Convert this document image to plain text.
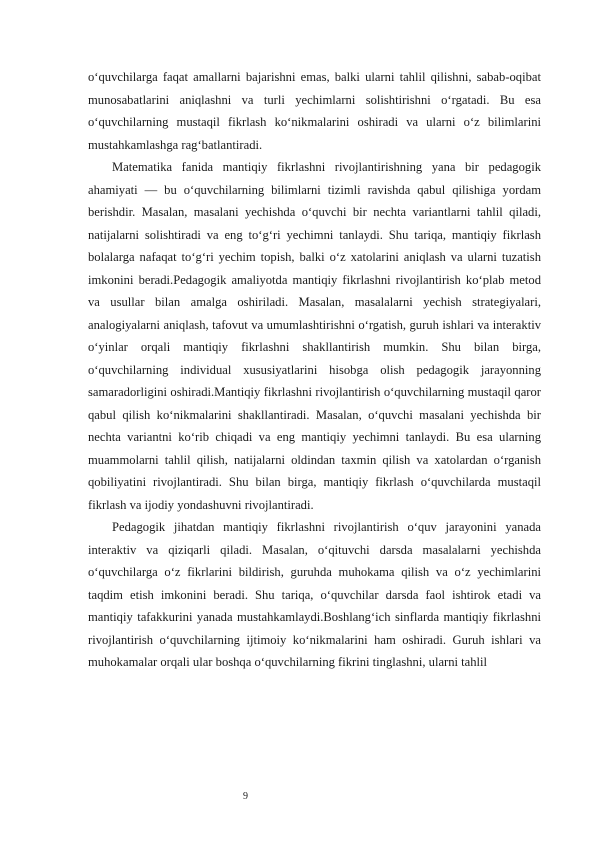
o‘quvchilarga faqat amallarni bajarishni emas, balki ularni tahlil qilishni, sabab-oqibat munosabatlarini aniqlashni va turli yechimlarni solishtirishni o‘rgatadi. Bu esa o‘quvchilarning mustaqil fikrlash ko‘nikmalarini oshiradi va ularni o‘z bilimlarini mustahkamlashga rag‘batlantiradi.

Matematika fanida mantiqiy fikrlashni rivojlantirishning yana bir pedagogik ahamiyati — bu o‘quvchilarning bilimlarni tizimli ravishda qabul qilishiga yordam berishdir. Masalan, masalani yechishda o‘quvchi bir nechta variantlarni tahlil qiladi, natijalarni solishtiradi va eng to‘g‘ri yechimni tanlaydi. Shu tariqa, mantiqiy fikrlash bolalarga nafaqat to‘g‘ri yechim topish, balki o‘z xatolarini aniqlash va ularni tuzatish imkonini beradi.Pedagogik amaliyotda mantiqiy fikrlashni rivojlantirish ko‘plab metod va usullar bilan amalga oshiriladi. Masalan, masalalarni yechish strategiyalari, analogiyalarni aniqlash, tafovut va umumlashtirishni o‘rgatish, guruh ishlari va interaktiv o‘yinlar orqali mantiqiy fikrlashni shakllantirish mumkin. Shu bilan birga, o‘quvchilarning individual xususiyatlarini hisobga olish pedagogik jarayonning samaradorligini oshiradi.Mantiqiy fikrlashni rivojlantirish o‘quvchilarning mustaqil qaror qabul qilish ko‘nikmalarini shakllantiradi. Masalan, o‘quvchi masalani yechishda bir nechta variantni ko‘rib chiqadi va eng mantiqiy yechimni tanlaydi. Bu esa ularning muammolarni tahlil qilish, natijalarni oldindan taxmin qilish va xatolardan o‘rganish qobiliyatini rivojlantiradi. Shu bilan birga, mantiqiy fikrlash o‘quvchilarda mustaqil fikrlash va ijodiy yondashuvni rivojlantiradi.

Pedagogik jihatdan mantiqiy fikrlashni rivojlantirish o‘quv jarayonini yanada interaktiv va qiziqarli qiladi. Masalan, o‘qituvchi darsda masalalarni yechishda o‘quvchilarga o‘z fikrlarini bildirish, guruhda muhokama qilish va o‘z yechimlarini taqdim etish imkonini beradi. Shu tariqa, o‘quvchilar darsda faol ishtirok etadi va mantiqiy tafakkurini yanada mustahkamlaydi.Boshlang‘ich sinflarda mantiqiy fikrlashni rivojlantirish o‘quvchilarning ijtimoiy ko‘nikmalarini ham oshiradi. Guruh ishlari va muhokamalar orqali ular boshqa o‘quvchilarning fikrini tinglashni, ularni tahlil

9
